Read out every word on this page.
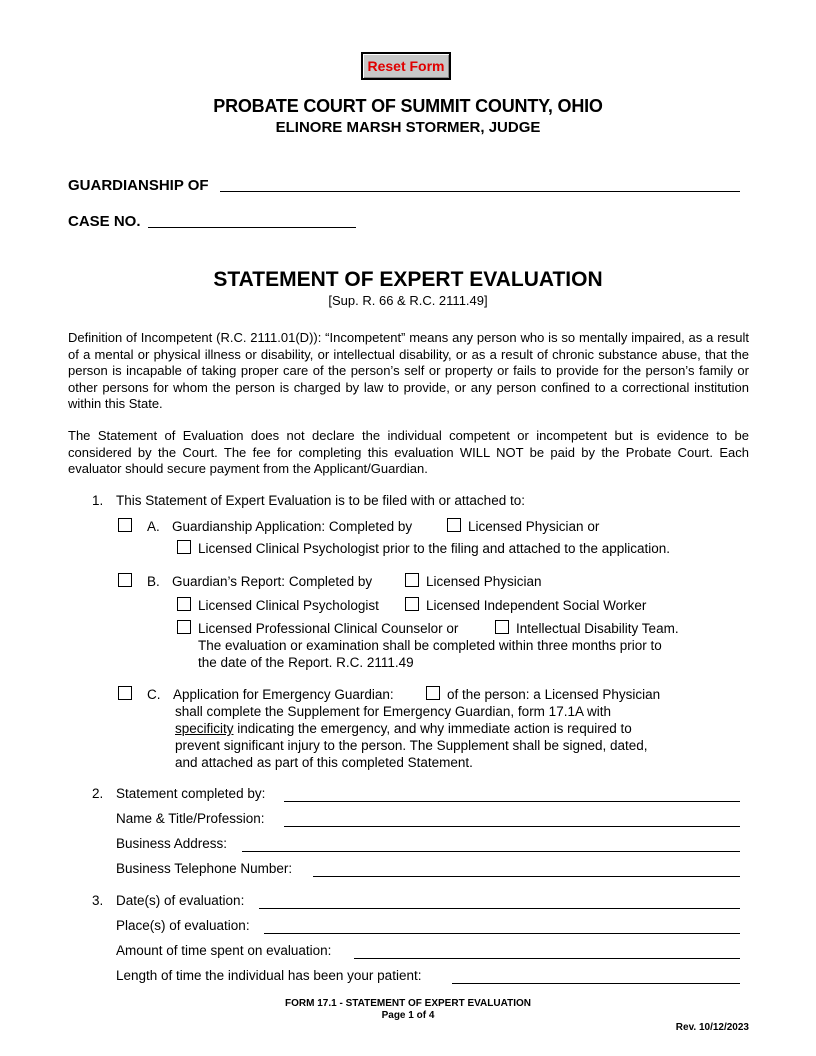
Reset Form
PROBATE COURT OF SUMMIT COUNTY, OHIO
ELINORE MARSH STORMER, JUDGE
GUARDIANSHIP OF
CASE NO.
STATEMENT OF EXPERT EVALUATION
[Sup. R. 66 & R.C. 2111.49]

Definition of Incompetent (R.C. 2111.01(D)): “Incompetent” means any person who is so mentally impaired, as a result of a mental or physical illness or disability, or intellectual disability, or as a result of chronic substance abuse, that the person is incapable of taking proper care of the person’s self or property or fails to provide for the person’s family or other persons for whom the person is charged by law to provide, or any person confined to a correctional institution within this State.

The Statement of Evaluation does not declare the individual competent or incompetent but is evidence to be considered by the Court. The fee for completing this evaluation WILL NOT be paid by the Probate Court. Each evaluator should secure payment from the Applicant/Guardian.

1. This Statement of Expert Evaluation is to be filed with or attached to:
A. Guardianship Application: Completed by	Licensed Physician or
Licensed Clinical Psychologist prior to the filing and attached to the application.
B. Guardian’s Report: Completed by	Licensed Physician
Licensed Clinical Psychologist	Licensed Independent Social Worker
Licensed Professional Clinical Counselor or	Intellectual Disability Team.
The evaluation or examination shall be completed within three months prior to
the date of the Report. R.C. 2111.49
C. Application for Emergency Guardian:	of the person: a Licensed Physician
shall complete the Supplement for Emergency Guardian, form 17.1A with
specificity indicating the emergency, and why immediate action is required to
prevent significant injury to the person. The Supplement shall be signed, dated,
and attached as part of this completed Statement.
2. Statement completed by:
Name & Title/Profession:
Business Address:
Business Telephone Number:
3. Date(s) of evaluation:
Place(s) of evaluation:
Amount of time spent on evaluation:
Length of time the individual has been your patient:
FORM 17.1 - STATEMENT OF EXPERT EVALUATION
Page 1 of 4
Rev. 10/12/2023
